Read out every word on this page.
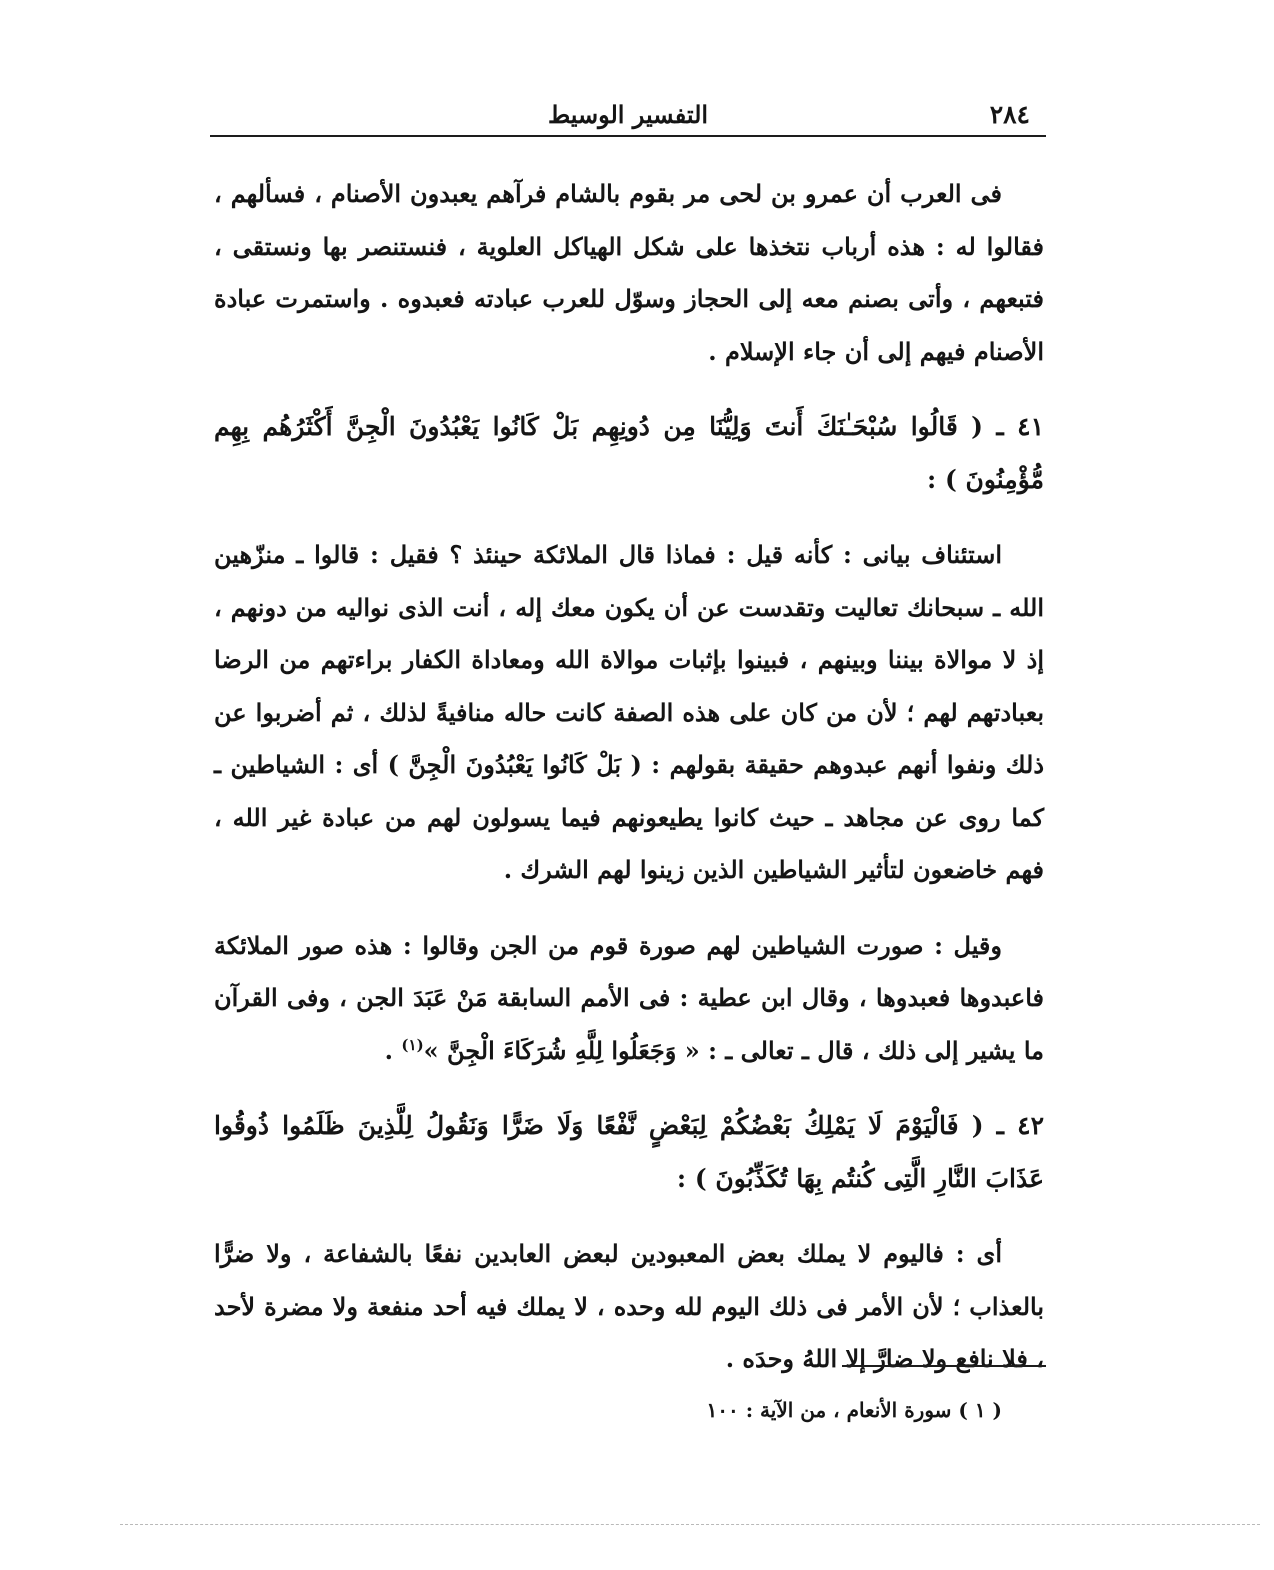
٢٨٤
التفسير الوسيط

فى العرب أن عمرو بن لحى مر بقوم بالشام فرآهم يعبدون الأصنام ، فسألهم ، فقالوا له : هذه أرباب نتخذها على شكل الهياكل العلوية ، فنستنصر بها ونستقى ، فتبعهم ، وأتى بصنم معه إلى الحجاز وسوّل للعرب عبادته فعبدوه . واستمرت عبادة الأصنام فيهم إلى أن جاء الإسلام .

٤١ ـ ( قَالُوا سُبْحَـٰنَكَ أَنتَ وَلِيُّنَا مِن دُونِهِم بَلْ كَانُوا يَعْبُدُونَ الْجِنَّ أَكْثَرُهُم بِهِم مُّؤْمِنُونَ ) :

استئناف بيانى : كأنه قيل : فماذا قال الملائكة حينئذ ؟ فقيل : قالوا ـ منزّهين الله ـ سبحانك تعاليت وتقدست عن أن يكون معك إله ، أنت الذى نواليه من دونهم ، إذ لا موالاة بيننا وبينهم ، فبينوا بإثبات موالاة الله ومعاداة الكفار براءتهم من الرضا بعبادتهم لهم ؛ لأن من كان على هذه الصفة كانت حاله منافيةً لذلك ، ثم أضربوا عن ذلك ونفوا أنهم عبدوهم حقيقة بقولهم : ( بَلْ كَانُوا يَعْبُدُونَ الْجِنَّ ) أى : الشياطين ـ كما روى عن مجاهد ـ حيث كانوا يطيعونهم فيما يسولون لهم من عبادة غير الله ، فهم خاضعون لتأثير الشياطين الذين زينوا لهم الشرك .

وقيل : صورت الشياطين لهم صورة قوم من الجن وقالوا : هذه صور الملائكة فاعبدوها فعبدوها ، وقال ابن عطية : فى الأمم السابقة مَنْ عَبَدَ الجن ، وفى القرآن ما يشير إلى ذلك ، قال ـ تعالى ـ : « وَجَعَلُوا لِلَّهِ شُرَكَاءَ الْجِنَّ »$^{(١)}$ .

٤٢ ـ ( فَالْيَوْمَ لَا يَمْلِكُ بَعْضُكُمْ لِبَعْضٍ نَّفْعًا وَلَا ضَرًّا وَنَقُولُ لِلَّذِينَ ظَلَمُوا ذُوقُوا عَذَابَ النَّارِ الَّتِى كُنتُم بِهَا تُكَذِّبُونَ ) :

أى : فاليوم لا يملك بعض المعبودين لبعض العابدين نفعًا بالشفاعة ، ولا ضرًّا بالعذاب ؛ لأن الأمر فى ذلك اليوم لله وحده ، لا يملك فيه أحد منفعة ولا مضرة لأحد ، فلا نافع ولا ضارَّ إلا اللهُ وحدَه .

( ١ ) سورة الأنعام ، من الآية : ١٠٠
